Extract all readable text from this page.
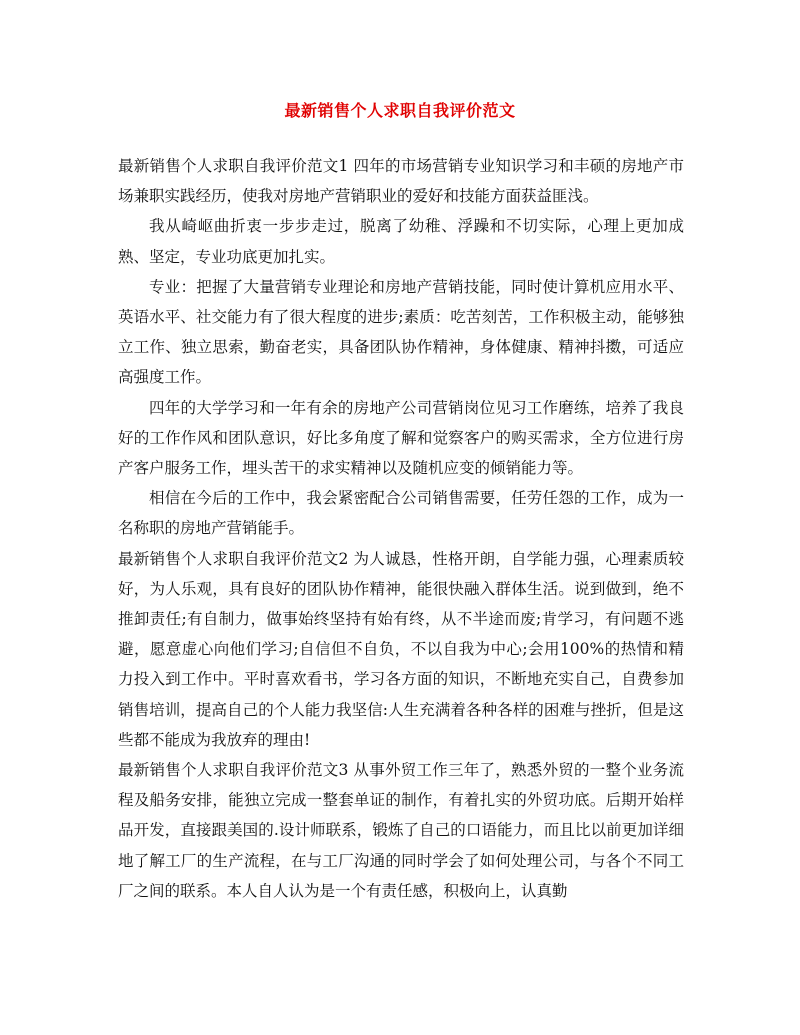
最新销售个人求职自我评价范文

最新销售个人求职自我评价范文1 四年的市场营销专业知识学习和丰硕的房地产市场兼职实践经历，使我对房地产营销职业的爱好和技能方面获益匪浅。

我从崎岖曲折衷一步步走过，脱离了幼稚、浮躁和不切实际，心理上更加成熟、坚定，专业功底更加扎实。

专业：把握了大量营销专业理论和房地产营销技能，同时使计算机应用水平、英语水平、社交能力有了很大程度的进步;素质：吃苦刻苦，工作积极主动，能够独立工作、独立思索，勤奋老实，具备团队协作精神，身体健康、精神抖擞，可适应高强度工作。

四年的大学学习和一年有余的房地产公司营销岗位见习工作磨练，培养了我良好的工作作风和团队意识，好比多角度了解和觉察客户的购买需求，全方位进行房产客户服务工作，埋头苦干的求实精神以及随机应变的倾销能力等。

相信在今后的工作中，我会紧密配合公司销售需要，任劳任怨的工作，成为一名称职的房地产营销能手。

最新销售个人求职自我评价范文2 为人诚恳，性格开朗，自学能力强，心理素质较好，为人乐观，具有良好的团队协作精神，能很快融入群体生活。说到做到，绝不推卸责任;有自制力，做事始终坚持有始有终，从不半途而废;肯学习，有问题不逃避，愿意虚心向他们学习;自信但不自负，不以自我为中心;会用100%的热情和精力投入到工作中。平时喜欢看书，学习各方面的知识，不断地充实自己，自费参加销售培训，提高自己的个人能力我坚信:人生充满着各种各样的困难与挫折，但是这些都不能成为我放弃的理由!

最新销售个人求职自我评价范文3 从事外贸工作三年了，熟悉外贸的一整个业务流程及船务安排，能独立完成一整套单证的制作，有着扎实的外贸功底。后期开始样品开发，直接跟美国的.设计师联系，锻炼了自己的口语能力，而且比以前更加详细地了解工厂的生产流程，在与工厂沟通的同时学会了如何处理公司，与各个不同工厂之间的联系。本人自人认为是一个有责任感，积极向上，认真勤
